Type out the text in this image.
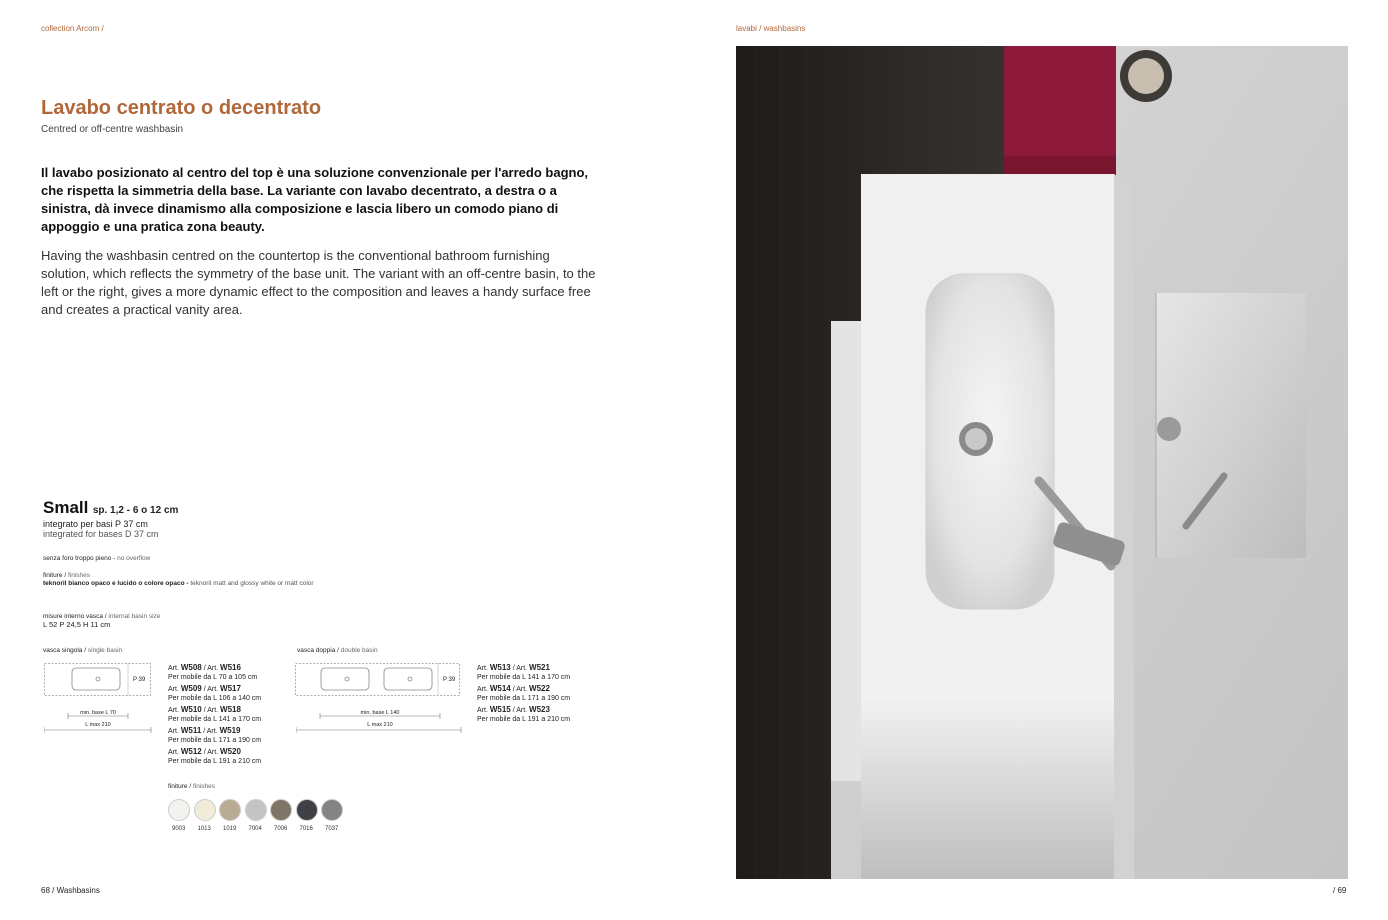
collection Arcom /	lavabi / washbasins
Lavabo centrato o decentrato
Centred or off-centre washbasin
Il lavabo posizionato al centro del top è una soluzione convenzionale per l'arredo bagno, che rispetta la simmetria della base. La variante con lavabo decentrato, a destra o a sinistra, dà invece dinamismo alla composizione e lascia libero un comodo piano di appoggio e una pratica zona beauty.
Having the washbasin centred on the countertop is the conventional bathroom furnishing solution, which reflects the symmetry of the base unit. The variant with an off-centre basin, to the left or the right, gives a more dynamic effect to the composition and leaves a handy surface free and creates a practical vanity area.
Small sp. 1,2 - 6 o 12 cm
integrato per basi P 37 cm
integrated for bases D 37 cm
senza foro troppo pieno - no overflow
finiture / finishes
teknoril bianco opaco e lucido o colore opaco - teknoril matt and glossy white or matt color
misure interno vasca / internal basin size
L 52 P 24,5 H 11 cm
vasca singola / single basin
P 39
min. base L 70
L max 210
Art. W508 / Art. W516
Per mobile da L 70 a 105 cm
Art. W509 / Art. W517
Per mobile da L 106 a 140 cm
Art. W510 / Art. W518
Per mobile da L 141 a 170 cm
Art. W511 / Art. W519
Per mobile da L 171 a 190 cm
Art. W512 / Art. W520
Per mobile da L 191 a 210 cm
vasca doppia / double basin
P 39
min. base L 140
L max 210
Art. W513 / Art. W521
Per mobile da L 141 a 170 cm
Art. W514 / Art. W522
Per mobile da L 171 a 190 cm
Art. W515 / Art. W523
Per mobile da L 191 a 210 cm
finiture / finishes
9003 1013 1019 7004 7006 7016 7037
68 / Washbasins	/ 69
